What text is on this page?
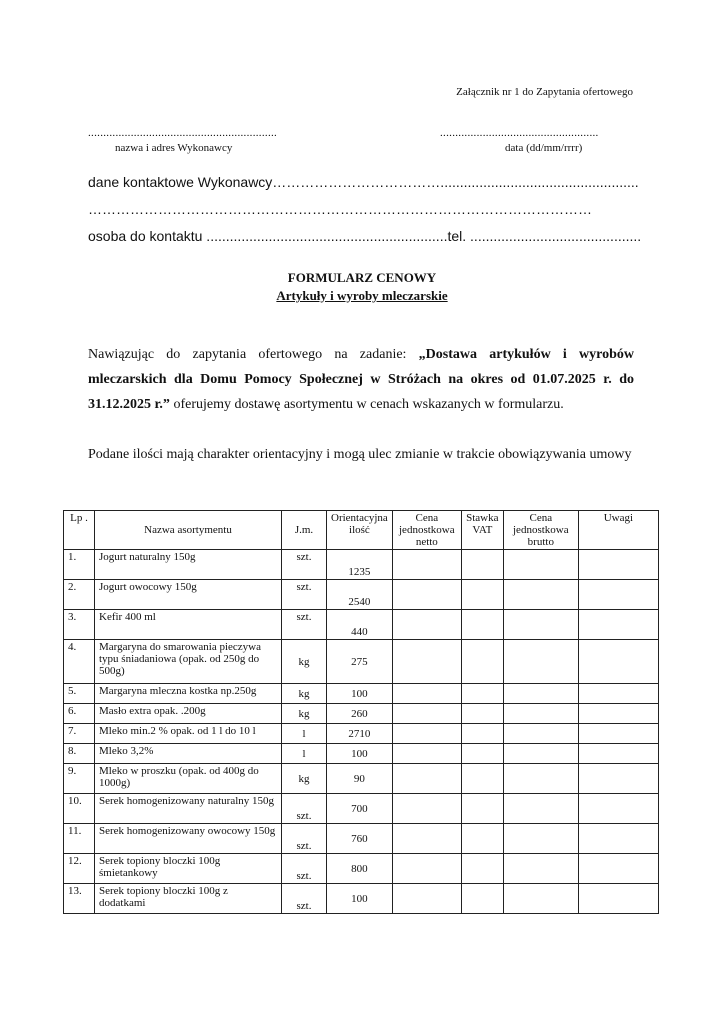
Załącznik nr 1 do Zapytania ofertowego
..............................................................	....................................................
nazwa i adres Wykonawcy	data (dd/mm/rrrr)
dane kontaktowe Wykonawcy………………………………...................................................
………………………………………………………………………………………………
osoba do kontaktu ..............................................................tel. ............................................
FORMULARZ CENOWY
Artykuły i wyroby mleczarskie
Nawiązując do zapytania ofertowego na zadanie: „Dostawa artykułów i wyrobów mleczarskich dla Domu Pomocy Społecznej w Stróżach na okres od 01.07.2025 r. do 31.12.2025 r.” oferujemy dostawę asortymentu w cenach wskazanych w formularzu.
Podane ilości mają charakter orientacyjny i mogą ulec zmianie w trakcie obowiązywania umowy
Lp .	Nazwa asortymentu	J.m.	Orientacyjna ilość	Cena jednostkowa netto	Stawka VAT	Cena jednostkowa brutto	Uwagi
1.	Jogurt naturalny 150g	szt.	1235				
2.	Jogurt owocowy 150g	szt.	2540				
3.	Kefir 400 ml	szt.	440				
4.	Margaryna do smarowania pieczywa typu śniadaniowa (opak. od 250g do 500g)	kg	275				
5.	Margaryna mleczna kostka np.250g	kg	100				
6.	Masło extra opak. .200g	kg	260				
7.	Mleko min.2 % opak. od 1 l do 10 l	l	2710				
8.	Mleko 3,2%	l	100				
9.	Mleko w proszku (opak. od 400g do 1000g)	kg	90				
10.	Serek homogenizowany naturalny 150g	szt.	700				
11.	Serek homogenizowany owocowy 150g	szt.	760				
12.	Serek topiony bloczki 100g śmietankowy	szt.	800				
13.	Serek topiony bloczki 100g z dodatkami	szt.	100				
